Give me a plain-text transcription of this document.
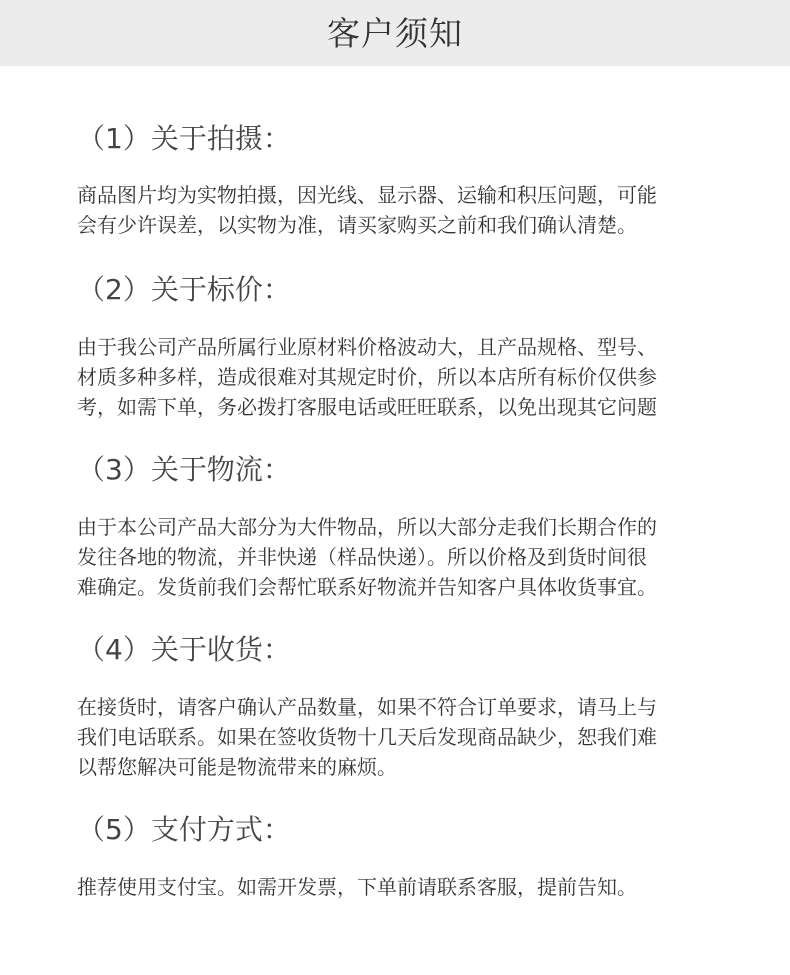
客户须知
（1）关于拍摄：
商品图片均为实物拍摄，因光线、显示器、运输和积压问题，可能
会有少许误差，以实物为准，请买家购买之前和我们确认清楚。
（2）关于标价：
由于我公司产品所属行业原材料价格波动大，且产品规格、型号、
材质多种多样，造成很难对其规定时价，所以本店所有标价仅供参
考，如需下单，务必拨打客服电话或旺旺联系，以免出现其它问题
（3）关于物流：
由于本公司产品大部分为大件物品，所以大部分走我们长期合作的
发往各地的物流，并非快递（样品快递）。所以价格及到货时间很
难确定。发货前我们会帮忙联系好物流并告知客户具体收货事宜。
（4）关于收货：
在接货时，请客户确认产品数量，如果不符合订单要求，请马上与
我们电话联系。如果在签收货物十几天后发现商品缺少，恕我们难
以帮您解决可能是物流带来的麻烦。
（5）支付方式：
推荐使用支付宝。如需开发票，下单前请联系客服，提前告知。
